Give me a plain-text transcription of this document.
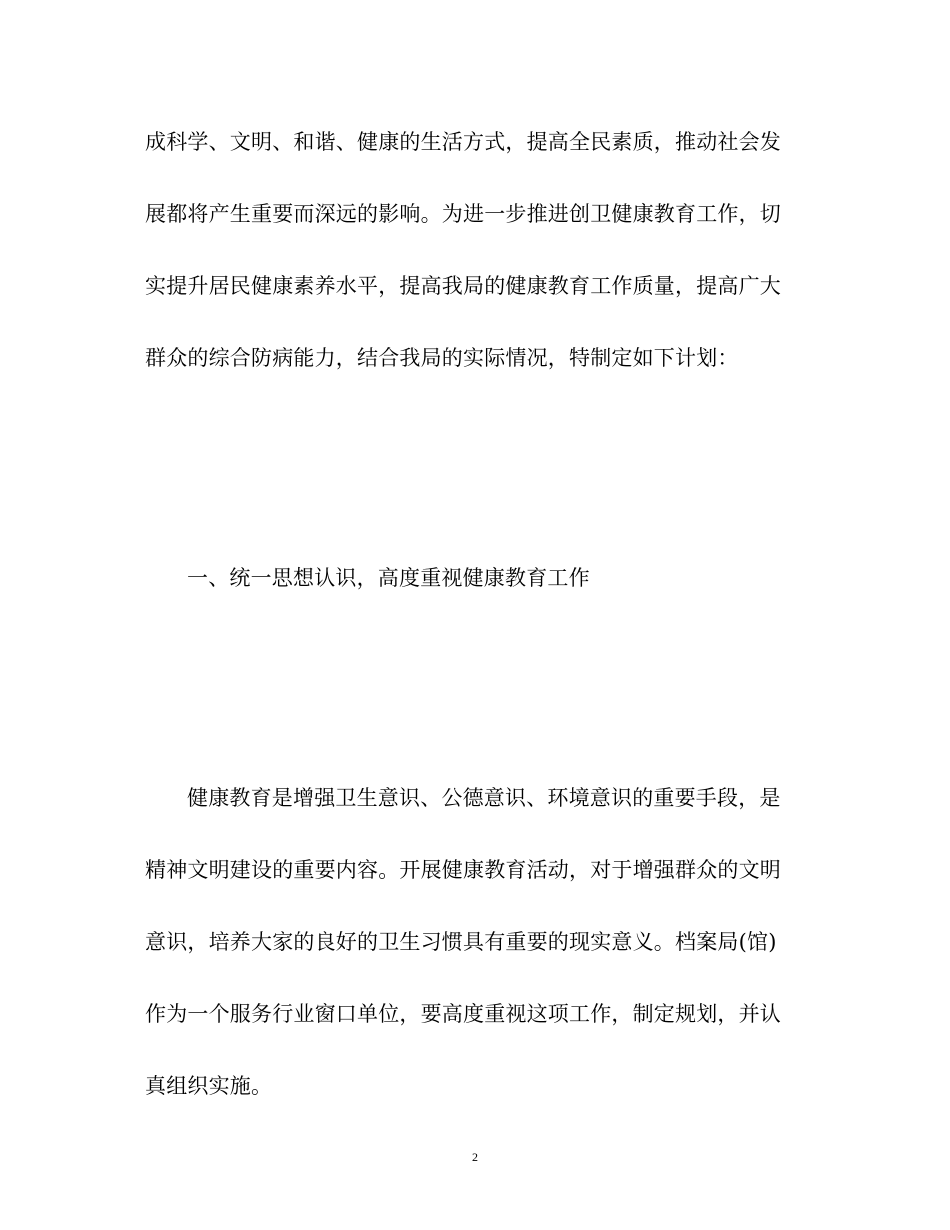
成科学、文明、和谐、健康的生活方式，提高全民素质，推动社会发
展都将产生重要而深远的影响。为进一步推进创卫健康教育工作，切
实提升居民健康素养水平，提高我局的健康教育工作质量，提高广大
群众的综合防病能力，结合我局的实际情况，特制定如下计划：
一、统一思想认识，高度重视健康教育工作
健康教育是增强卫生意识、公德意识、环境意识的重要手段，是
精神文明建设的重要内容。开展健康教育活动，对于增强群众的文明
意识，培养大家的良好的卫生习惯具有重要的现实意义。档案局(馆)
作为一个服务行业窗口单位，要高度重视这项工作，制定规划，并认
真组织实施。
2
